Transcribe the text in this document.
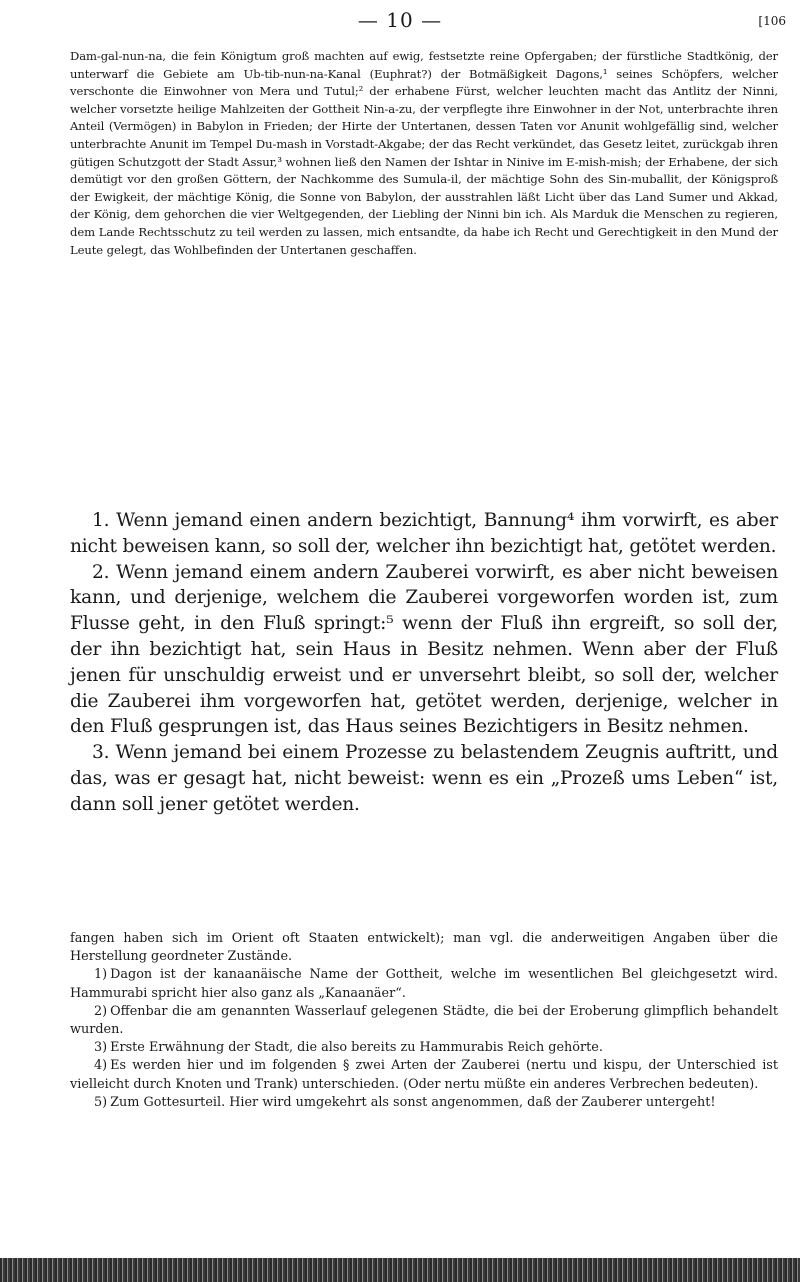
— 10 —	[106

Dam-gal-nun-na, die fein Königtum groß machten auf ewig, festsetzte reine Opfergaben; der fürstliche Stadtkönig, der unterwarf die Gebiete am Ub-tib-nun-na-Kanal (Euphrat?) der Botmäßigkeit Dagons,¹ seines Schöpfers, welcher verschonte die Einwohner von Mera und Tutul;² der erhabene Fürst, welcher leuchten macht das Antlitz der Ninni, welcher vorsetzte heilige Mahlzeiten der Gottheit Nin-a-zu, der verpflegte ihre Einwohner in der Not, unterbrachte ihren Anteil (Vermögen) in Babylon in Frieden; der Hirte der Untertanen, dessen Taten vor Anunit wohlgefällig sind, welcher unterbrachte Anunit im Tempel Du-mash in Vorstadt-Akgabe; der das Recht verkündet, das Gesetz leitet, zurückgab ihren gütigen Schutzgott der Stadt Assur,³ wohnen ließ den Namen der Ishtar in Ninive im E-mish-mish; der Erhabene, der sich demütigt vor den großen Göttern, der Nachkomme des Sumula-il, der mächtige Sohn des Sin-muballit, der Königsproß der Ewigkeit, der mächtige König, die Sonne von Babylon, der ausstrahlen läßt Licht über das Land Sumer und Akkad, der König, dem gehorchen die vier Weltgegenden, der Liebling der Ninni bin ich. Als Marduk die Menschen zu regieren, dem Lande Rechtsschutz zu teil werden zu lassen, mich entsandte, da habe ich Recht und Gerechtigkeit in den Mund der Leute gelegt, das Wohlbefinden der Untertanen geschaffen.

1. Wenn jemand einen andern bezichtigt, Bannung⁴ ihm vorwirft, es aber nicht beweisen kann, so soll der, welcher ihn bezichtigt hat, getötet werden.

2. Wenn jemand einem andern Zauberei vorwirft, es aber nicht beweisen kann, und derjenige, welchem die Zauberei vorgeworfen worden ist, zum Flusse geht, in den Fluß springt:⁵ wenn der Fluß ihn ergreift, so soll der, der ihn bezichtigt hat, sein Haus in Besitz nehmen. Wenn aber der Fluß jenen für unschuldig erweist und er unversehrt bleibt, so soll der, welcher die Zauberei ihm vorgeworfen hat, getötet werden, derjenige, welcher in den Fluß gesprungen ist, das Haus seines Bezichtigers in Besitz nehmen.

3. Wenn jemand bei einem Prozesse zu belastendem Zeugnis auftritt, und das, was er gesagt hat, nicht beweist: wenn es ein „Prozeß ums Leben“ ist, dann soll jener getötet werden.

fangen haben sich im Orient oft Staaten entwickelt); man vgl. die anderweitigen Angaben über die Herstellung geordneter Zustände.

1) Dagon ist der kanaanäische Name der Gottheit, welche im wesentlichen Bel gleichgesetzt wird. Hammurabi spricht hier also ganz als „Kanaanäer“.

2) Offenbar die am genannten Wasserlauf gelegenen Städte, die bei der Eroberung glimpflich behandelt wurden.

3) Erste Erwähnung der Stadt, die also bereits zu Hammurabis Reich gehörte.

4) Es werden hier und im folgenden § zwei Arten der Zauberei (nertu und kispu, der Unterschied ist vielleicht durch Knoten und Trank) unterschieden. (Oder nertu müßte ein anderes Verbrechen bedeuten).

5) Zum Gottesurteil. Hier wird umgekehrt als sonst angenommen, daß der Zauberer untergeht!
